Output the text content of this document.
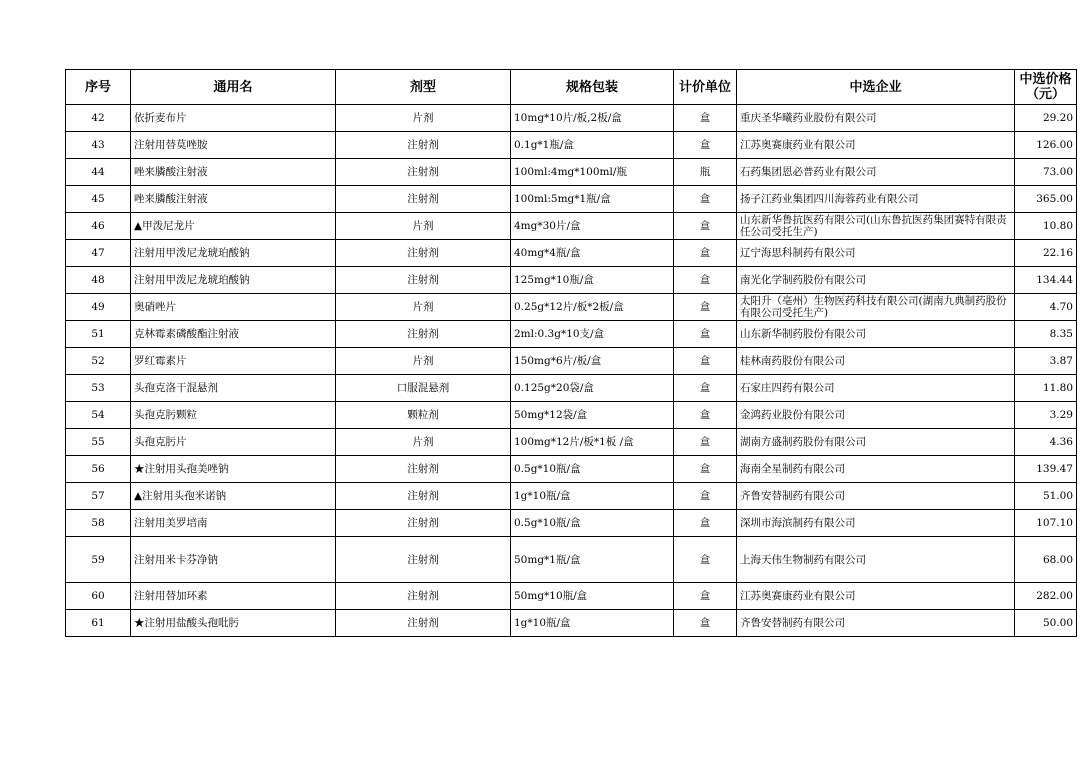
序号	通用名	剂型	规格包装	计价单位	中选企业	中选价格
（元）
42	依折麦布片	片剂	10mg*10片/板,2板/盒	盒	重庆圣华曦药业股份有限公司	29.20
43	注射用替莫唑胺	注射剂	0.1g*1瓶/盒	盒	江苏奥赛康药业有限公司	126.00
44	唑来膦酸注射液	注射剂	100ml:4mg*100ml/瓶	瓶	石药集团恩必普药业有限公司	73.00
45	唑来膦酸注射液	注射剂	100ml:5mg*1瓶/盒	盒	扬子江药业集团四川海蓉药业有限公司	365.00
46	▲甲泼尼龙片	片剂	4mg*30片/盒	盒	山东新华鲁抗医药有限公司(山东鲁抗医药集团赛特有限责任公司受托生产)	10.80
47	注射用甲泼尼龙琥珀酸钠	注射剂	40mg*4瓶/盒	盒	辽宁海思科制药有限公司	22.16
48	注射用甲泼尼龙琥珀酸钠	注射剂	125mg*10瓶/盒	盒	南光化学制药股份有限公司	134.44
49	奥硝唑片	片剂	0.25g*12片/板*2板/盒	盒	太阳升（亳州）生物医药科技有限公司(湖南九典制药股份有限公司受托生产)	4.70
51	克林霉素磷酸酯注射液	注射剂	2ml:0.3g*10支/盒	盒	山东新华制药股份有限公司	8.35
52	罗红霉素片	片剂	150mg*6片/板/盒	盒	桂林南药股份有限公司	3.87
53	头孢克洛干混悬剂	口服混悬剂	0.125g*20袋/盒	盒	石家庄四药有限公司	11.80
54	头孢克肟颗粒	颗粒剂	50mg*12袋/盒	盒	金鸿药业股份有限公司	3.29
55	头孢克肟片	片剂	100mg*12片/板*1板 /盒	盒	湖南方盛制药股份有限公司	4.36
56	★注射用头孢美唑钠	注射剂	0.5g*10瓶/盒	盒	海南全星制药有限公司	139.47
57	▲注射用头孢米诺钠	注射剂	1g*10瓶/盒	盒	齐鲁安替制药有限公司	51.00
58	注射用美罗培南	注射剂	0.5g*10瓶/盒	盒	深圳市海滨制药有限公司	107.10
59	注射用米卡芬净钠	注射剂	50mg*1瓶/盒	盒	上海天伟生物制药有限公司	68.00
60	注射用替加环素	注射剂	50mg*10瓶/盒	盒	江苏奥赛康药业有限公司	282.00
61	★注射用盐酸头孢吡肟	注射剂	1g*10瓶/盒	盒	齐鲁安替制药有限公司	50.00
